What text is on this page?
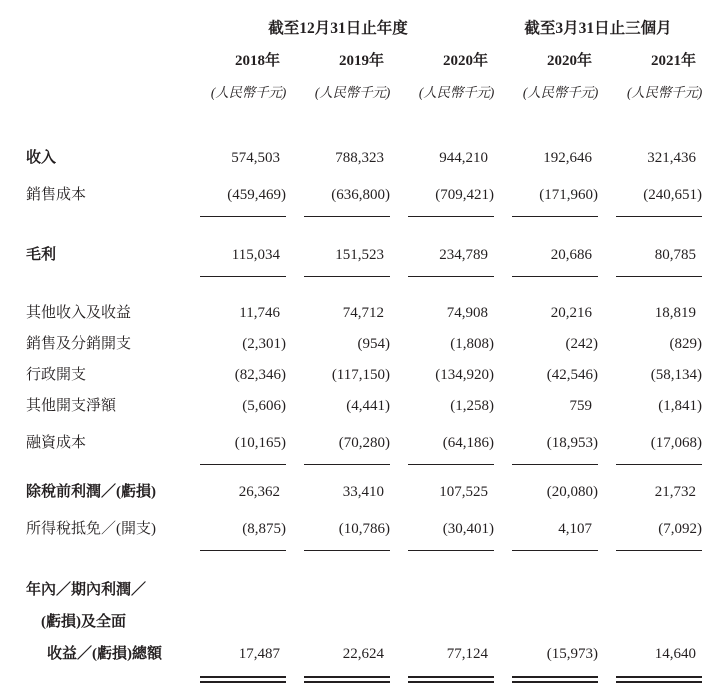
	截至12月31日止年度			截至3月31日止三個月	
	2018年	2019年	2020年	2020年	2021年
	(人民幣千元)	(人民幣千元)	(人民幣千元)	(人民幣千元)	(人民幣千元)

收入	574,503	788,323	944,210	192,646	321,436
銷售成本	(459,469)	(636,800)	(709,421)	(171,960)	(240,651)

毛利	115,034	151,523	234,789	20,686	80,785

其他收入及收益	11,746	74,712	74,908	20,216	18,819
銷售及分銷開支	(2,301)	(954)	(1,808)	(242)	(829)
行政開支	(82,346)	(117,150)	(134,920)	(42,546)	(58,134)
其他開支淨額	(5,606)	(4,441)	(1,258)	759	(1,841)
融資成本	(10,165)	(70,280)	(64,186)	(18,953)	(17,068)

除稅前利潤／(虧損)	26,362	33,410	107,525	(20,080)	21,732
所得稅抵免／(開支)	(8,875)	(10,786)	(30,401)	4,107	(7,092)

年內／期內利潤／
(虧損)及全面
收益／(虧損)總額	17,487	22,624	77,124	(15,973)	14,640
